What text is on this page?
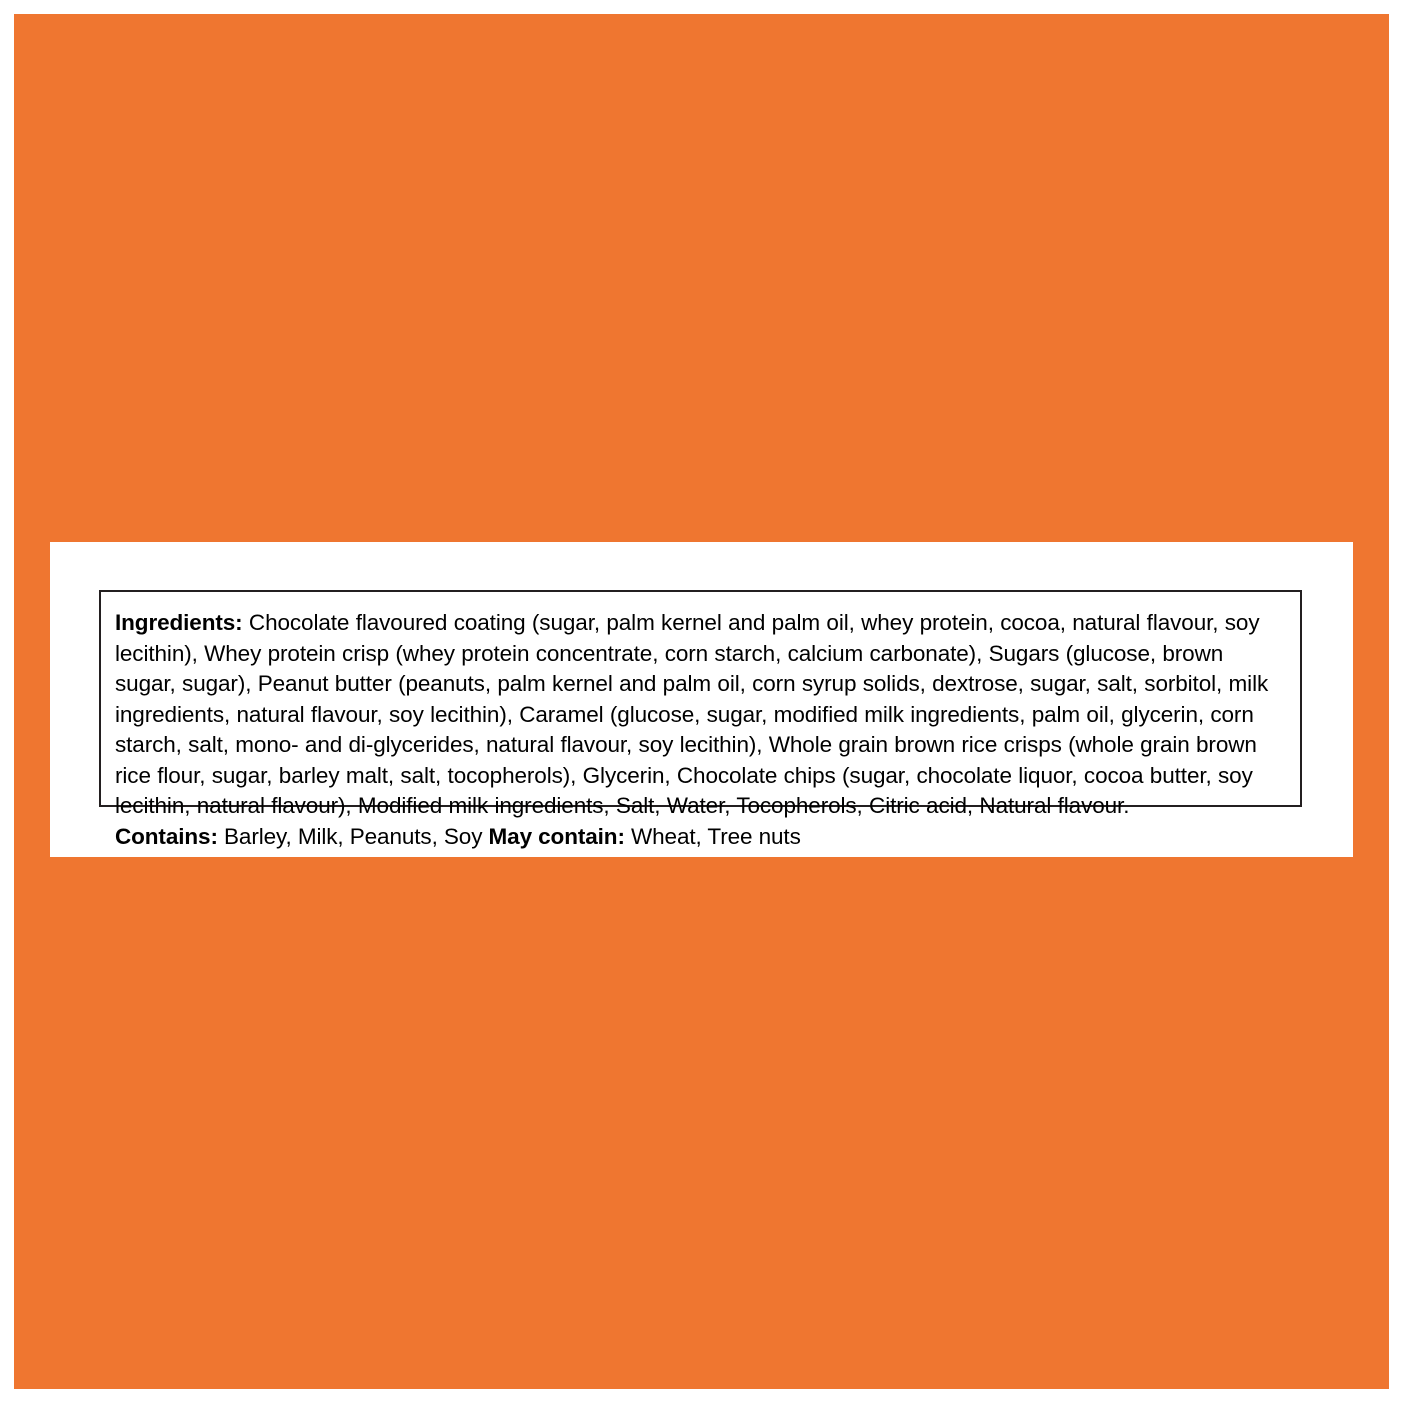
Ingredients: Chocolate flavoured coating (sugar, palm kernel and palm oil, whey protein, cocoa, natural flavour, soy lecithin), Whey protein crisp (whey protein concentrate, corn starch, calcium carbonate), Sugars (glucose, brown sugar, sugar), Peanut butter (peanuts, palm kernel and palm oil, corn syrup solids, dextrose, sugar, salt, sorbitol, milk ingredients, natural flavour, soy lecithin), Caramel (glucose, sugar, modified milk ingredients, palm oil, glycerin, corn starch, salt, mono- and di-glycerides, natural flavour, soy lecithin), Whole grain brown rice crisps (whole grain brown rice flour, sugar, barley malt, salt, tocopherols), Glycerin, Chocolate chips (sugar, chocolate liquor, cocoa butter, soy lecithin, natural flavour), Modified milk ingredients, Salt, Water, Tocopherols, Citric acid, Natural flavour.

Contains: Barley, Milk, Peanuts, Soy May contain: Wheat, Tree nuts
